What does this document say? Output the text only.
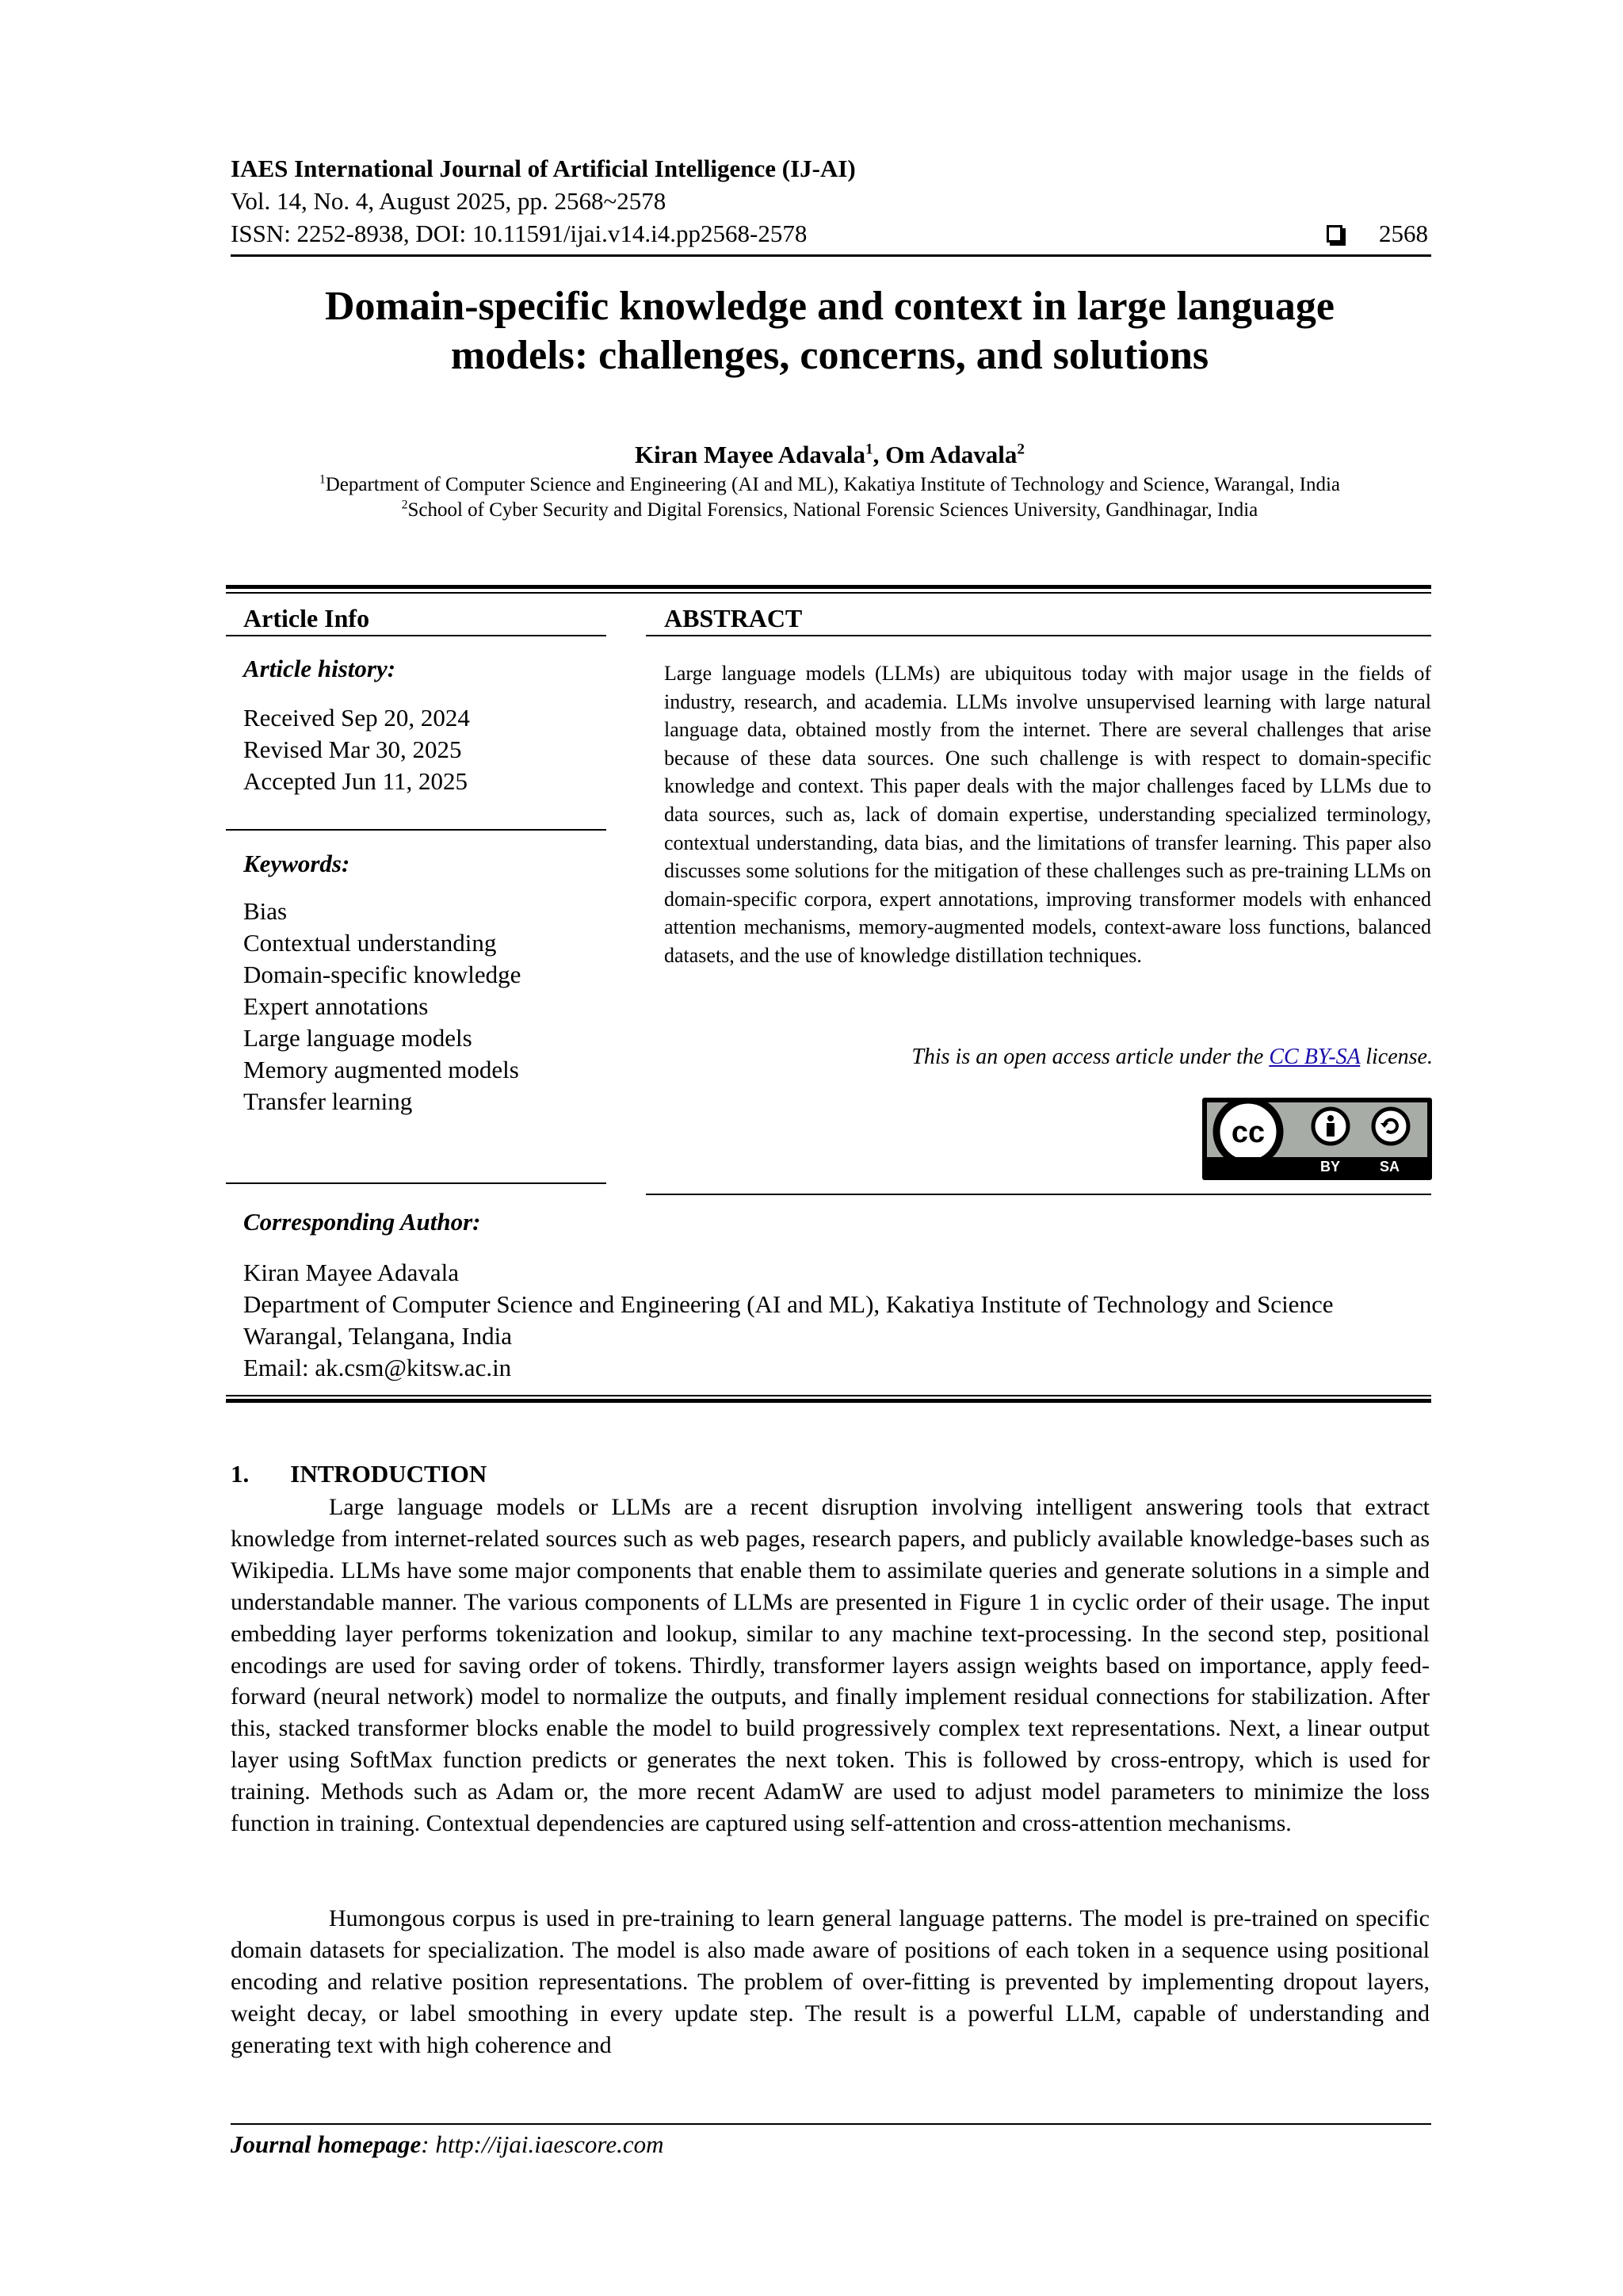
IAES International Journal of Artificial Intelligence (IJ-AI)
Vol. 14, No. 4, August 2025, pp. 2568~2578
ISSN: 2252-8938, DOI: 10.11591/ijai.v14.i4.pp2568-2578	2568
Domain-specific knowledge and context in large language
models: challenges, concerns, and solutions
Kiran Mayee Adavala$^1$, Om Adavala$^2$
$^1$Department of Computer Science and Engineering (AI and ML), Kakatiya Institute of Technology and Science, Warangal, India
$^2$School of Cyber Security and Digital Forensics, National Forensic Sciences University, Gandhinagar, India
Article Info
Article history:
Received Sep 20, 2024
Revised Mar 30, 2025
Accepted Jun 11, 2025
Keywords:
Bias
Contextual understanding
Domain-specific knowledge
Expert annotations
Large language models
Memory augmented models
Transfer learning
ABSTRACT
Large language models (LLMs) are ubiquitous today with major usage in the fields of industry, research, and academia. LLMs involve unsupervised learning with large natural language data, obtained mostly from the internet. There are several challenges that arise because of these data sources. One such challenge is with respect to domain-specific knowledge and context. This paper deals with the major challenges faced by LLMs due to data sources, such as, lack of domain expertise, understanding specialized terminology, contextual understanding, data bias, and the limitations of transfer learning. This paper also discusses some solutions for the mitigation of these challenges such as pre-training LLMs on domain-specific corpora, expert annotations, improving transformer models with enhanced attention mechanisms, memory-augmented models, context-aware loss functions, balanced datasets, and the use of knowledge distillation techniques.
This is an open access article under the CC BY-SA license.
cc
BY	SA
Corresponding Author:
Kiran Mayee Adavala
Department of Computer Science and Engineering (AI and ML), Kakatiya Institute of Technology and Science
Warangal, Telangana, India
Email: ak.csm@kitsw.ac.in
1. INTRODUCTION
Large language models or LLMs are a recent disruption involving intelligent answering tools that extract knowledge from internet-related sources such as web pages, research papers, and publicly available knowledge-bases such as Wikipedia. LLMs have some major components that enable them to assimilate queries and generate solutions in a simple and understandable manner. The various components of LLMs are presented in Figure 1 in cyclic order of their usage. The input embedding layer performs tokenization and lookup, similar to any machine text-processing. In the second step, positional encodings are used for saving order of tokens. Thirdly, transformer layers assign weights based on importance, apply feed-forward (neural network) model to normalize the outputs, and finally implement residual connections for stabilization. After this, stacked transformer blocks enable the model to build progressively complex text representations. Next, a linear output layer using SoftMax function predicts or generates the next token. This is followed by cross-entropy, which is used for training. Methods such as Adam or, the more recent AdamW are used to adjust model parameters to minimize the loss function in training. Contextual dependencies are captured using self-attention and cross-attention mechanisms.
Humongous corpus is used in pre-training to learn general language patterns. The model is pre-trained on specific domain datasets for specialization. The model is also made aware of positions of each token in a sequence using positional encoding and relative position representations. The problem of over-fitting is prevented by implementing dropout layers, weight decay, or label smoothing in every update step. The result is a powerful LLM, capable of understanding and generating text with high coherence and
Journal homepage: http://ijai.iaescore.com
